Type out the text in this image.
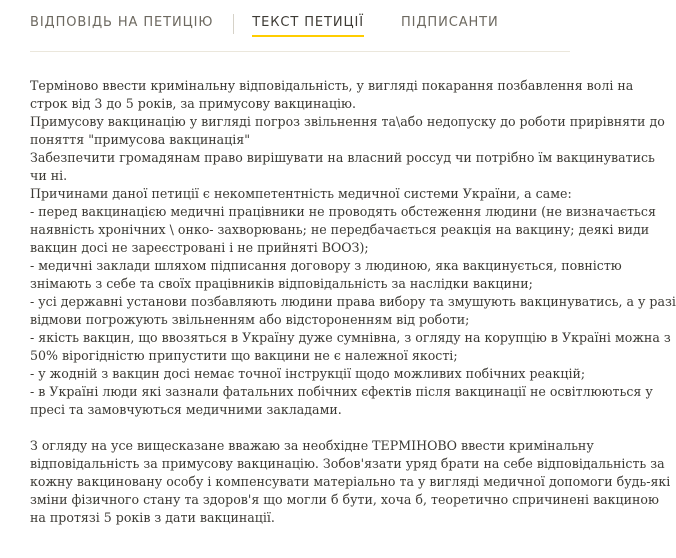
ВІДПОВІДЬ НА ПЕТИЦІЮ	ТЕКСТ ПЕТИЦІЇ	ПІДПИСАНТИ

Терміново ввести кримінальну відповідальність, у вигляді покарання позбавлення волі на
строк від 3 до 5 років, за примусову вакцинацію.
Примусову вакцинацію у вигляді погроз звільнення та\або недопуску до роботи прирівняти до
поняття "примусова вакцинація"
Забезпечити громадянам право вирішувати на власний россуд чи потрібно їм вакцинуватись
чи ні.
Причинами даної петиції є некомпетентність медичної системи України, а саме:
- перед вакцинацією медичні працівники не проводять обстеження людини (не визначається
наявність хронічних \ онко- захворювань; не передбачається реакція на вакцину; деякі види
вакцин досі не зареєстровані і не прийняті ВООЗ);
- медичні заклади шляхом підписання договору з людиною, яка вакцинується, повністю
знімають з себе та своїх працівників відповідальність за наслідки вакцини;
- усі державні установи позбавляють людини права вибору та змушують вакцинуватись, а у разі
відмови погрожують звільненням або відстороненням від роботи;
- якість вакцин, що ввозяться в Україну дуже сумнівна, з огляду на корупцію в Україні можна з
50% вірогідністю припустити що вакцини не є належної якості;
- у жодній з вакцин досі немає точної інструкції щодо можливих побічних реакцій;
- в Україні люди які зазнали фатальних побічних єфектів після вакцинації не освітлюються у
пресі та замовчуються медичними закладами.

З огляду на усе вищесказане вважаю за необхідне ТЕРМІНОВО ввести кримінальну
відповідальність за примусову вакцинацію. Зобов'язати уряд брати на себе відповідальність за
кожну вакциновану особу і компенсувати матеріально та у вигляді медичної допомоги будь-які
зміни фізичного стану та здоров'я що могли б бути, хоча б, теоретично спричинені вакциною
на протязі 5 років з дати вакцинації.
